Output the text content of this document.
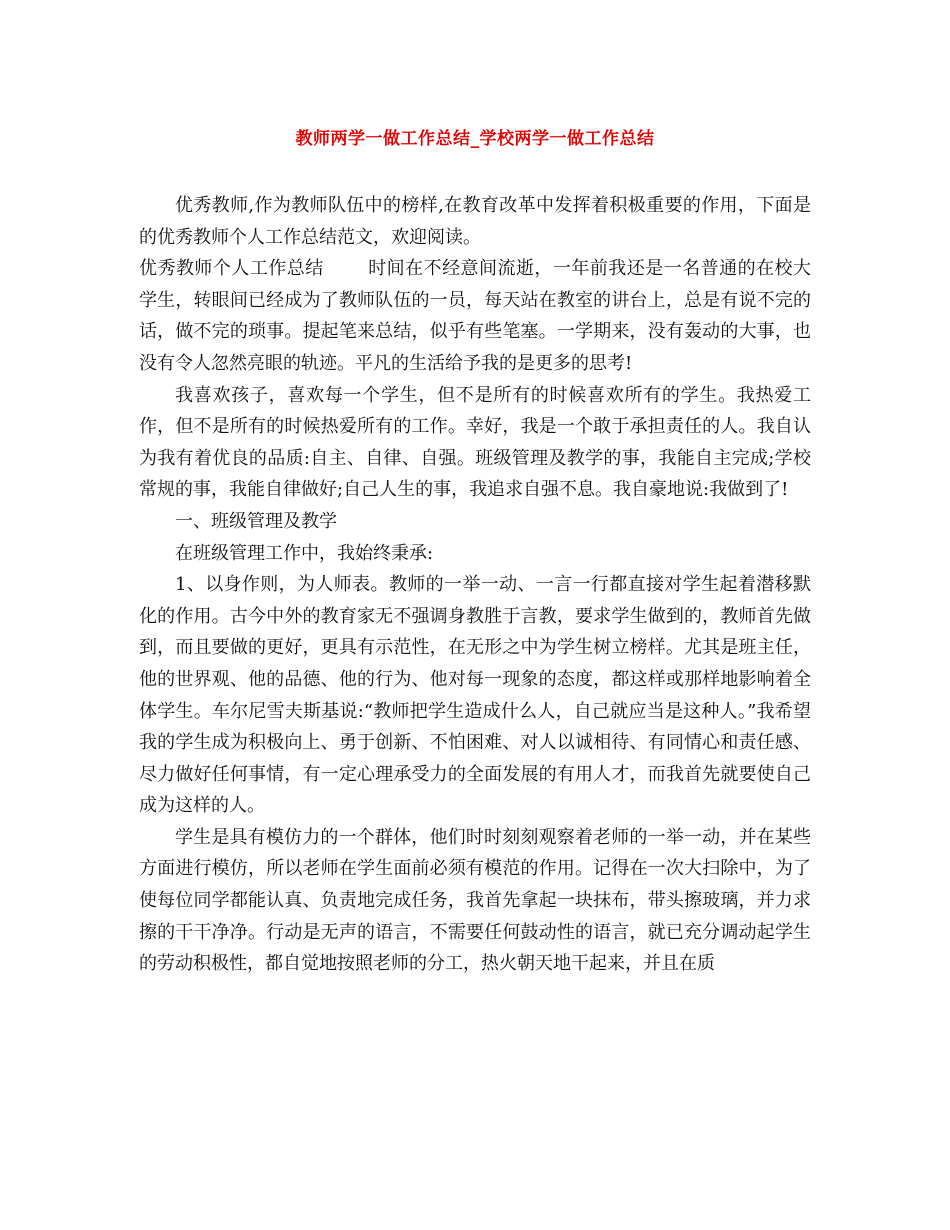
教师两学一做工作总结_学校两学一做工作总结

优秀教师,作为教师队伍中的榜样,在教育改革中发挥着积极重要的作用，下面是的优秀教师个人工作总结范文，欢迎阅读。

优秀教师个人工作总结 时间在不经意间流逝，一年前我还是一名普通的在校大学生，转眼间已经成为了教师队伍的一员，每天站在教室的讲台上，总是有说不完的话，做不完的琐事。提起笔来总结，似乎有些笔塞。一学期来，没有轰动的大事，也没有令人忽然亮眼的轨迹。平凡的生活给予我的是更多的思考!

我喜欢孩子，喜欢每一个学生，但不是所有的时候喜欢所有的学生。我热爱工作，但不是所有的时候热爱所有的工作。幸好，我是一个敢于承担责任的人。我自认为我有着优良的品质:自主、自律、自强。班级管理及教学的事，我能自主完成;学校常规的事，我能自律做好;自己人生的事，我追求自强不息。我自豪地说:我做到了!

一、班级管理及教学

在班级管理工作中，我始终秉承:

1、以身作则，为人师表。教师的一举一动、一言一行都直接对学生起着潜移默化的作用。古今中外的教育家无不强调身教胜于言教，要求学生做到的，教师首先做到，而且要做的更好，更具有示范性，在无形之中为学生树立榜样。尤其是班主任，他的世界观、他的品德、他的行为、他对每一现象的态度，都这样或那样地影响着全体学生。车尔尼雪夫斯基说:“教师把学生造成什么人，自己就应当是这种人。”我希望我的学生成为积极向上、勇于创新、不怕困难、对人以诚相待、有同情心和责任感、尽力做好任何事情，有一定心理承受力的全面发展的有用人才，而我首先就要使自己成为这样的人。

学生是具有模仿力的一个群体，他们时时刻刻观察着老师的一举一动，并在某些方面进行模仿，所以老师在学生面前必须有模范的作用。记得在一次大扫除中，为了使每位同学都能认真、负责地完成任务，我首先拿起一块抹布，带头擦玻璃，并力求擦的干干净净。行动是无声的语言，不需要任何鼓动性的语言，就已充分调动起学生的劳动积极性，都自觉地按照老师的分工，热火朝天地干起来，并且在质
